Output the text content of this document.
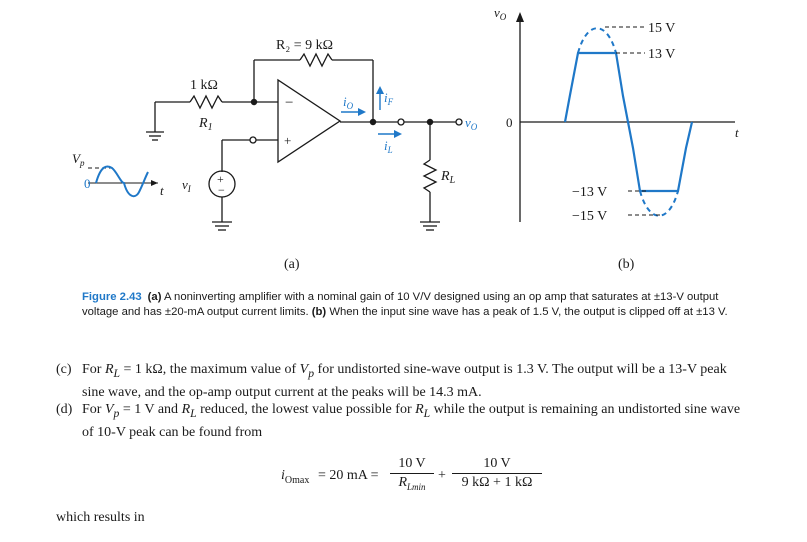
R₂ = 9 kΩ
1 kΩ
$R_1$
−
+
$i_O$
$i_F$
$i_L$
$v_O$
$R_L$
$v_I$
$V_p$
0	t
+
−
(a)
$v_O$
0
t
15 V
13 V
−13 V
−15 V
(b)
Figure 2.43 (a) A noninverting amplifier with a nominal gain of 10 V/V designed using an op amp that saturates at ±13-V output voltage and has ±20-mA output current limits. (b) When the input sine wave has a peak of 1.5 V, the output is clipped off at ±13 V.
(c) For $R_L = 1$ kΩ, the maximum value of $V_p$ for undistorted sine-wave output is 1.3 V. The output will be a 13-V peak sine wave, and the op-amp output current at the peaks will be 14.3 mA.
(d) For $V_p = 1$ V and $R_L$ reduced, the lowest value possible for $R_L$ while the output is remaining an undistorted sine wave of 10-V peak can be found from
$i_{Omax} = 20$ mA =
10 V
$R_{Lmin}$
+ $\frac{10 V}{9 k\Omega + 1 k\Omega}$
which results in
